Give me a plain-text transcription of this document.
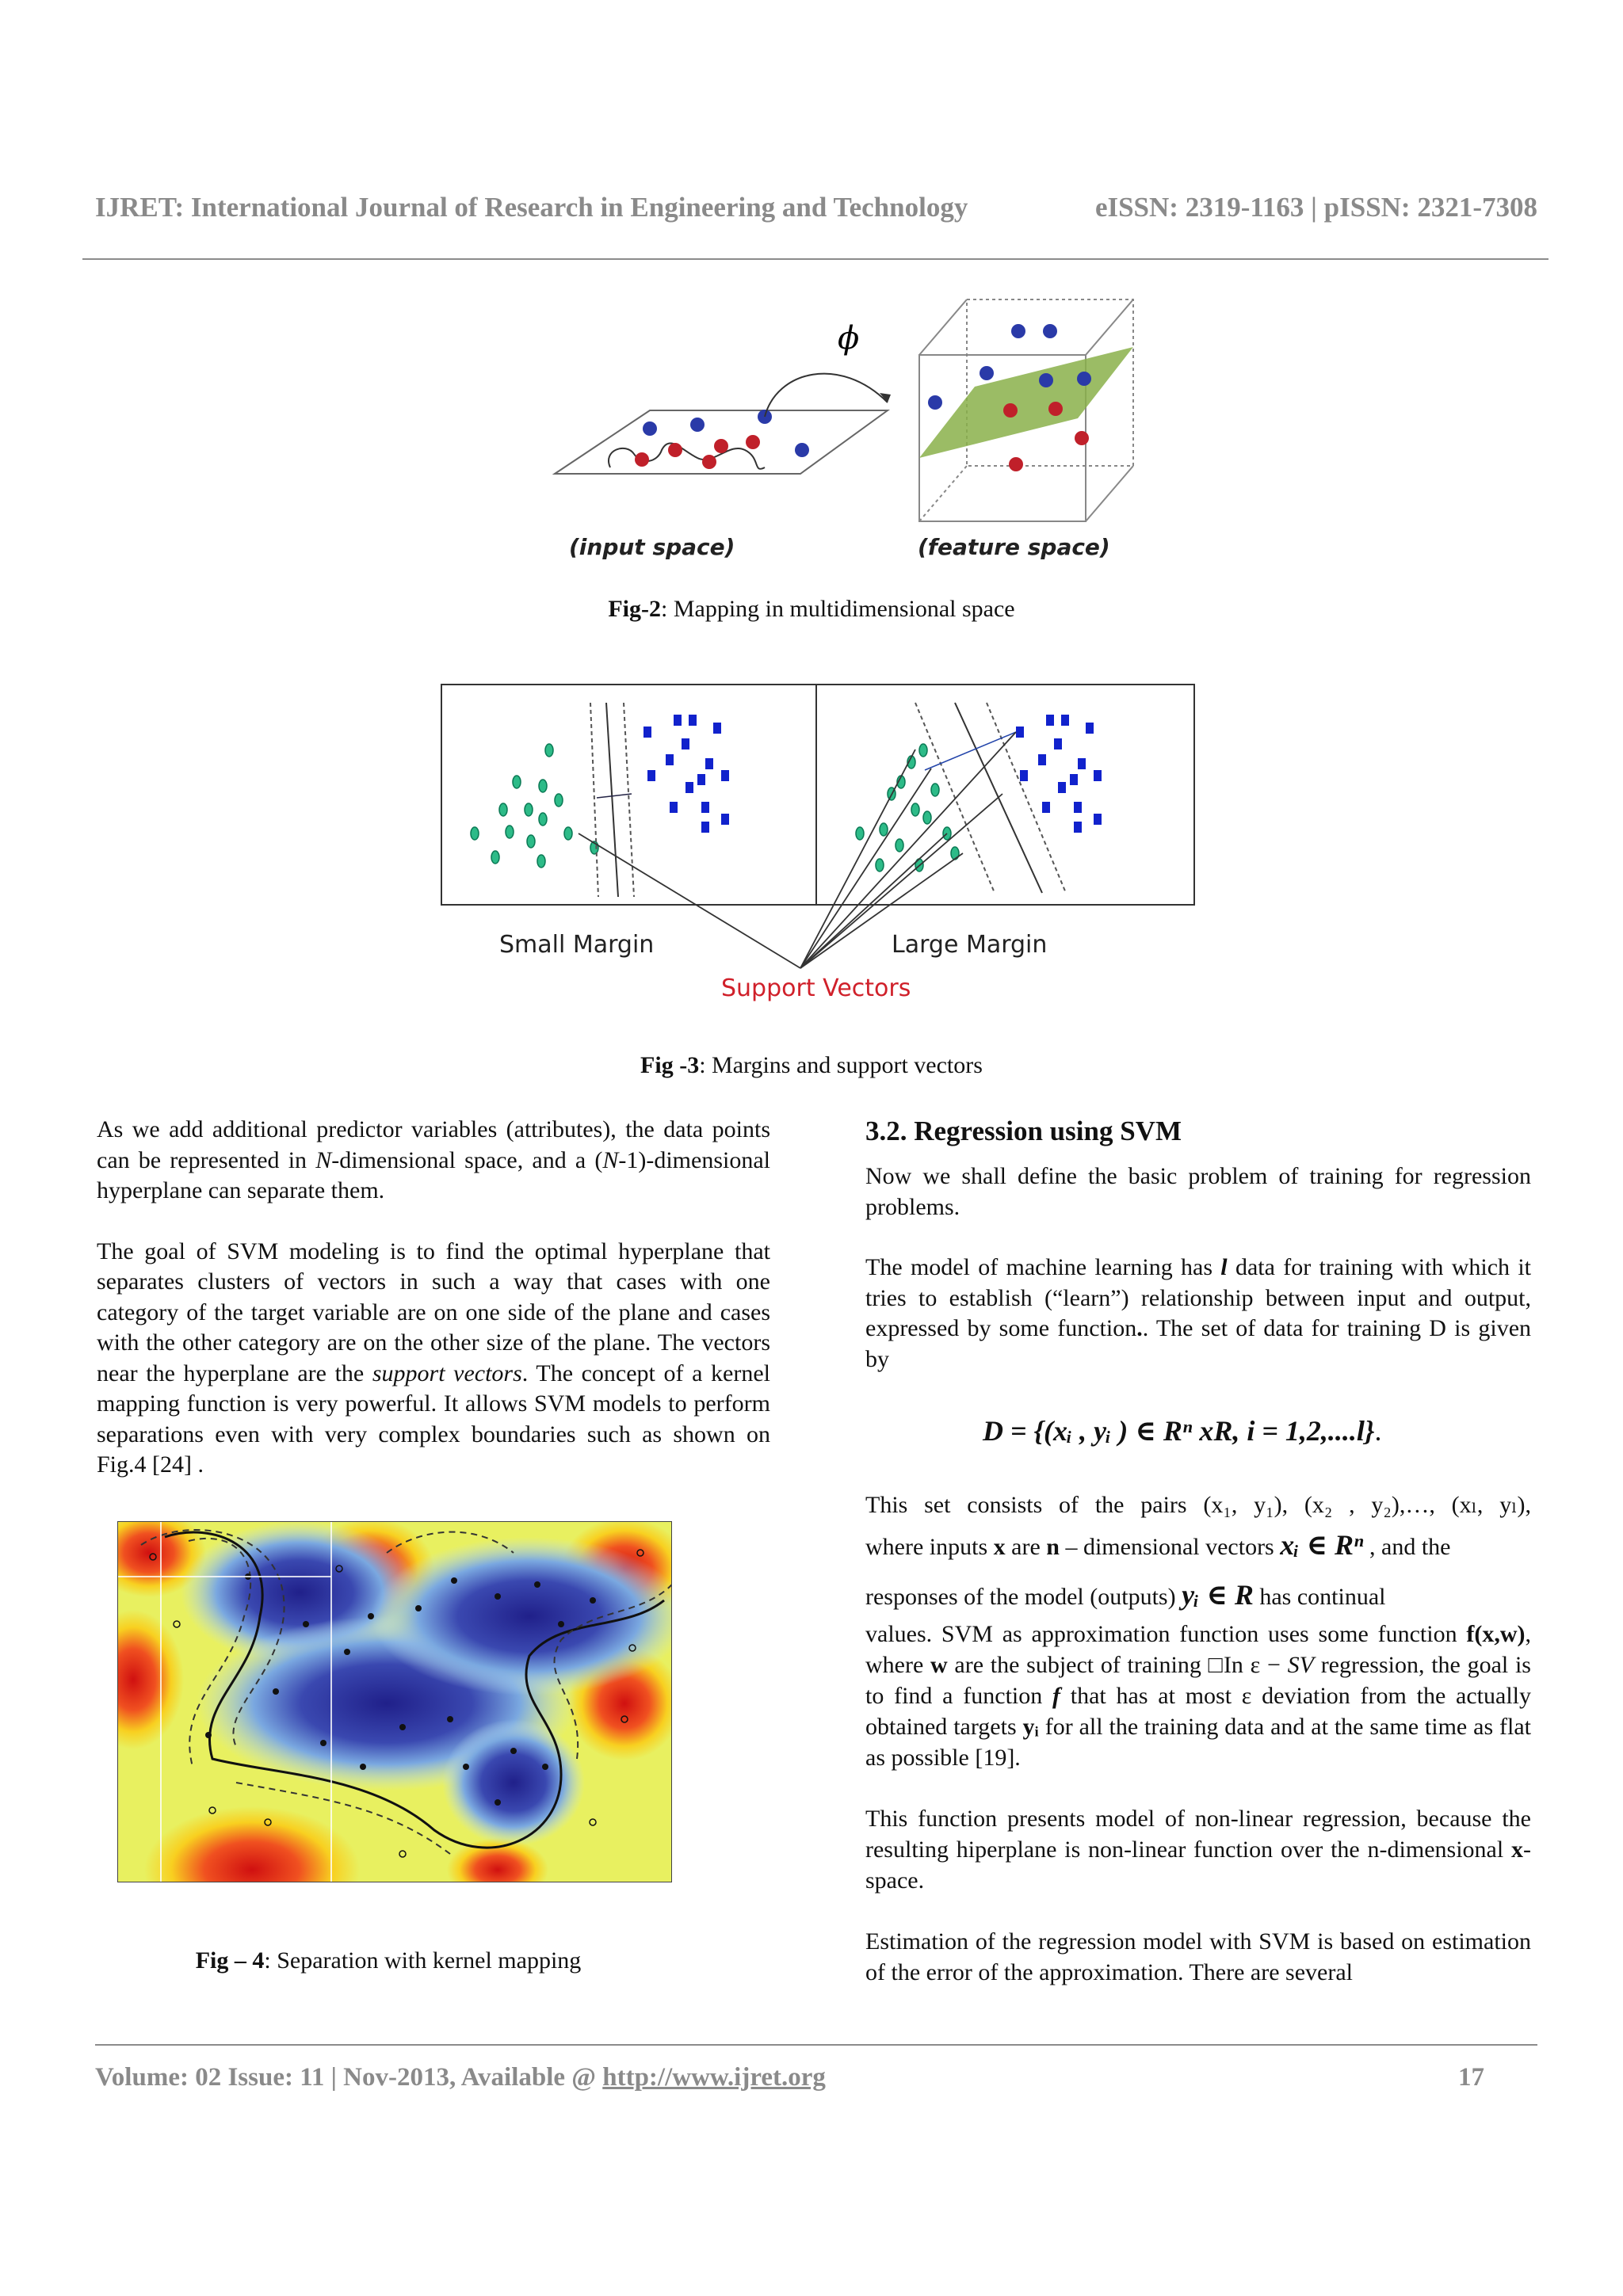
IJRET: International Journal of Research in Engineering and Technology	eISSN: 2319-1163 | pISSN: 2321-7308
ϕ
(input space)	(feature space)
Fig-2: Mapping in multidimensional space
Small Margin	Large Margin
Support Vectors
Fig -3: Margins and support vectors

As we add additional predictor variables (attributes), the data points can be represented in N-dimensional space, and a (N-1)-dimensional hyperplane can separate them.

The goal of SVM modeling is to find the optimal hyperplane that separates clusters of vectors in such a way that cases with one category of the target variable are on one side of the plane and cases with the other category are on the other size of the plane. The vectors near the hyperplane are the support vectors. The concept of a kernel mapping function is very powerful. It allows SVM models to perform separations even with very complex boundaries such as shown on Fig.4 [24] .

Fig – 4: Separation with kernel mapping
3.2. Regression using SVM

Now we shall define the basic problem of training for regression problems.

The model of machine learning has l data for training with which it tries to establish (“learn”) relationship between input and output, expressed by some function.. The set of data for training D is given by

D = {(xᵢ , yᵢ ) ∈ Rⁿ xR, i = 1,2,....l}.
This set consists of the pairs (x₁, y₁), (x₂ , y₂),…, (xₗ, yₗ),
where inputs x are n – dimensional vectors xᵢ ∈ Rⁿ , and the
responses of the model (outputs) yᵢ ∈ R has continual

values. SVM as approximation function uses some function f(x,w), where w are the subject of training □In ε − SV regression, the goal is to find a function f that has at most ε deviation from the actually obtained targets yᵢ for all the training data and at the same time as flat as possible [19].

This function presents model of non-linear regression, because the resulting hiperplane is non-linear function over the n-dimensional x- space.

Estimation of the regression model with SVM is based on estimation of the error of the approximation. There are several

Volume: 02 Issue: 11 | Nov-2013, Available @ http://www.ijret.org	17
